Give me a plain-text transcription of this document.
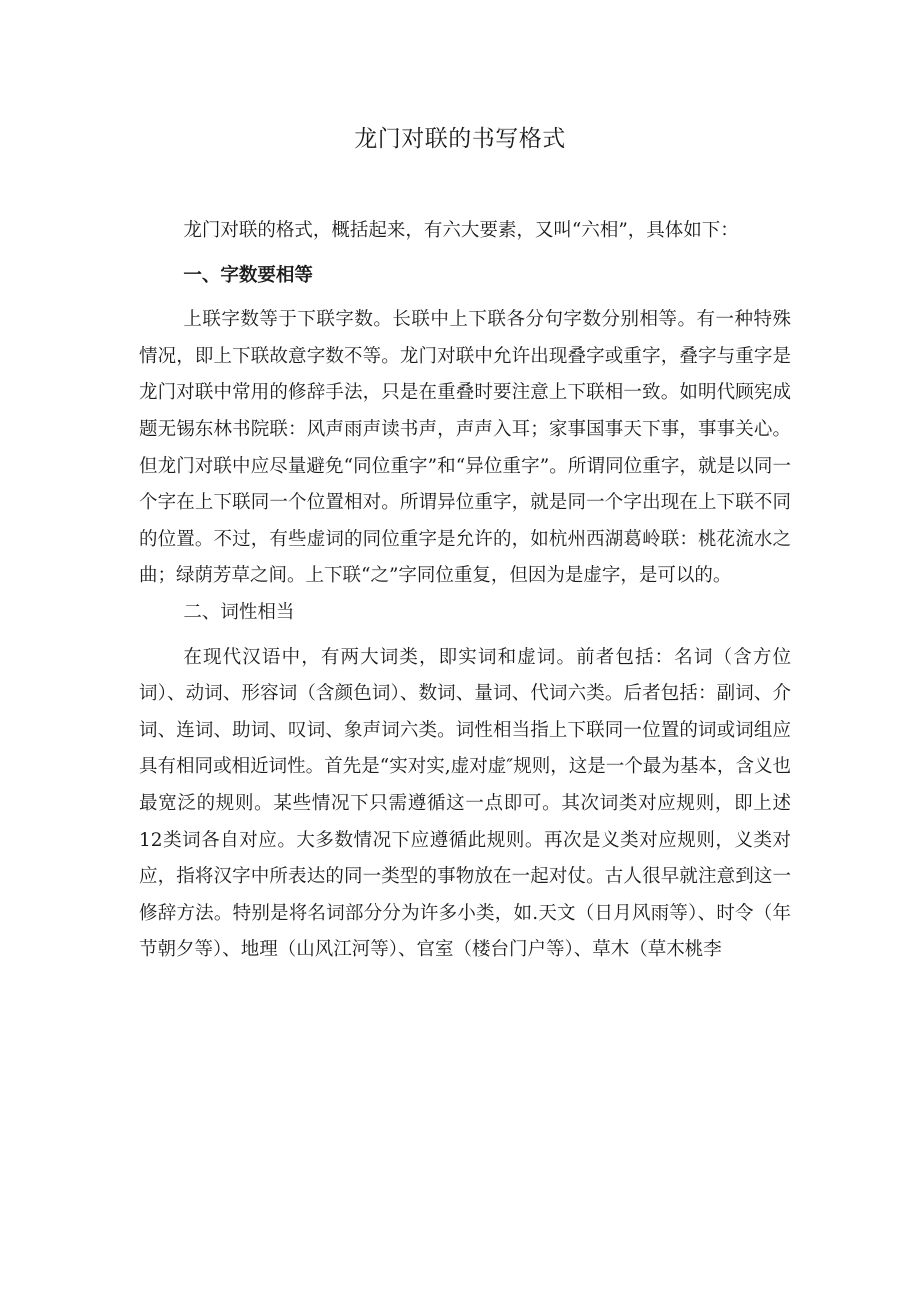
龙门对联的书写格式

龙门对联的格式，概括起来，有六大要素，又叫“六相”，具体如下：

一、字数要相等

上联字数等于下联字数。长联中上下联各分句字数分别相等。有一种特殊情况，即上下联故意字数不等。龙门对联中允许出现叠字或重字，叠字与重字是龙门对联中常用的修辞手法，只是在重叠时要注意上下联相一致。如明代顾宪成题无锡东林书院联：风声雨声读书声，声声入耳；家事国事天下事，事事关心。但龙门对联中应尽量避免“同位重字”和“异位重字”。所谓同位重字，就是以同一个字在上下联同一个位置相对。所谓异位重字，就是同一个字出现在上下联不同的位置。不过，有些虚词的同位重字是允许的，如杭州西湖葛岭联：桃花流水之曲；绿荫芳草之间。上下联“之”字同位重复，但因为是虚字，是可以的。

二、词性相当

在现代汉语中，有两大词类，即实词和虚词。前者包括：名词（含方位词）、动词、形容词（含颜色词）、数词、量词、代词六类。后者包括：副词、介词、连词、助词、叹词、象声词六类。词性相当指上下联同一位置的词或词组应具有相同或相近词性。首先是“实对实,虚对虚″规则，这是一个最为基本，含义也最宽泛的规则。某些情况下只需遵循这一点即可。其次词类对应规则，即上述12类词各自对应。大多数情况下应遵循此规则。再次是义类对应规则，义类对应，指将汉字中所表达的同一类型的事物放在一起对仗。古人很早就注意到这一修辞方法。特别是将名词部分分为许多小类，如.天文（日月风雨等）、时令（年节朝夕等）、地理（山风江河等）、官室（楼台门户等）、草木（草木桃李
